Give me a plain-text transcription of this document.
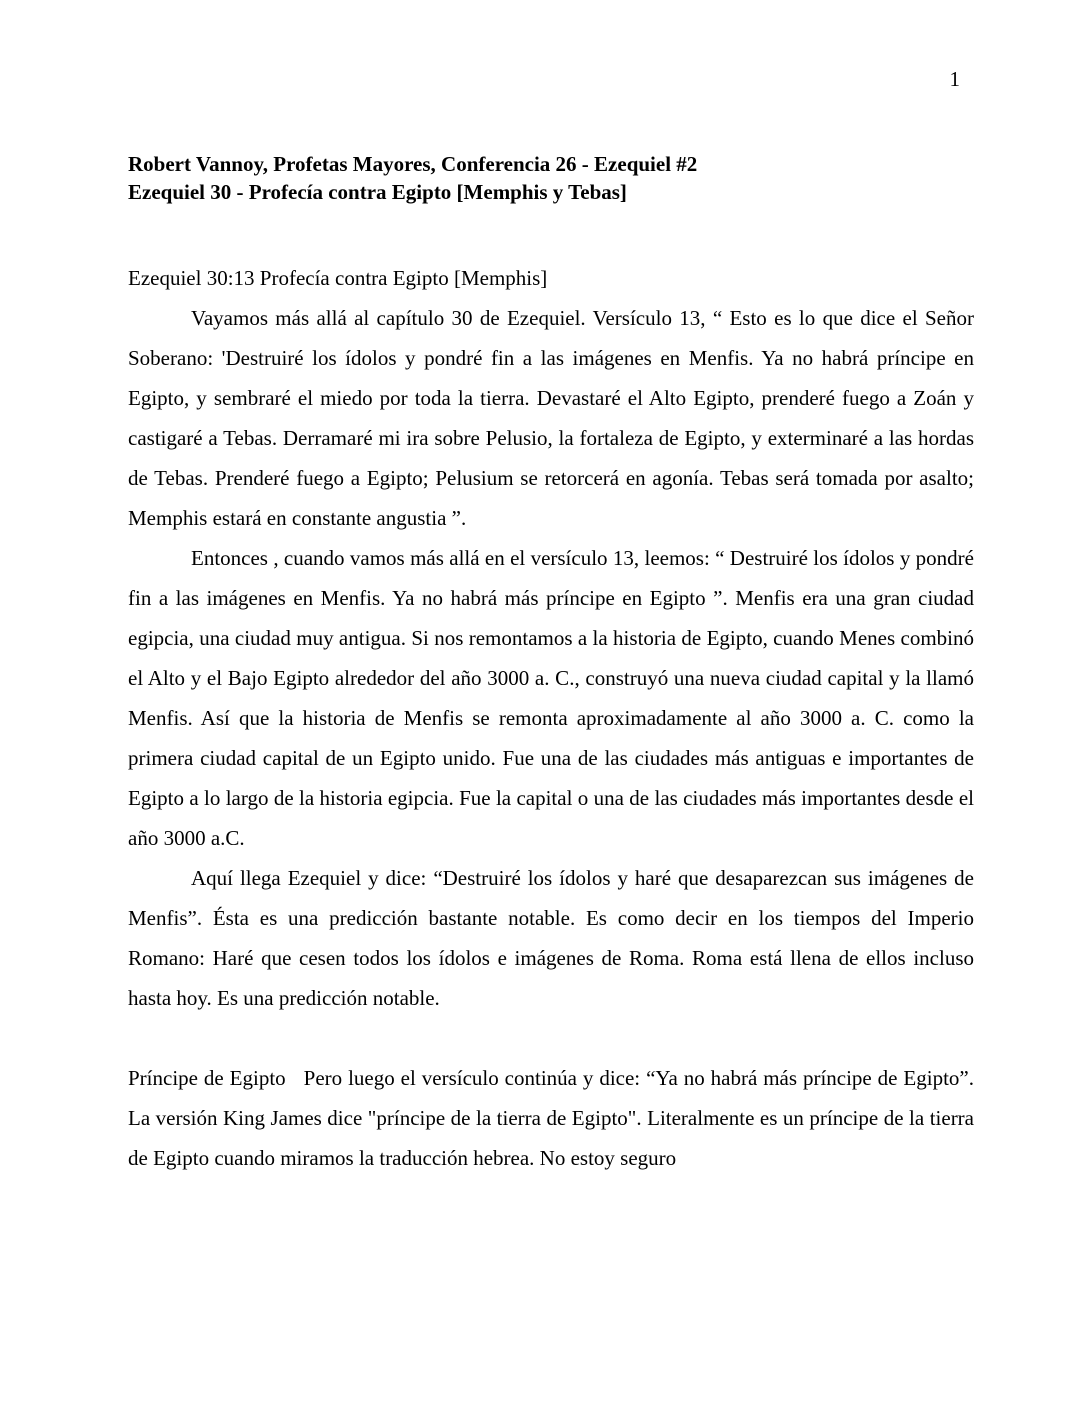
1
Robert Vannoy, Profetas Mayores, Conferencia 26 - Ezequiel #2
Ezequiel 30 - Profecía contra Egipto [Memphis y Tebas]

Ezequiel 30:13 Profecía contra Egipto [Memphis]

Vayamos más allá al capítulo 30 de Ezequiel. Versículo 13, “ Esto es lo que dice el Señor Soberano: 'Destruiré los ídolos y pondré fin a las imágenes en Menfis. Ya no habrá príncipe en Egipto, y sembraré el miedo por toda la tierra. Devastaré el Alto Egipto, prenderé fuego a Zoán y castigaré a Tebas. Derramaré mi ira sobre Pelusio, la fortaleza de Egipto, y exterminaré a las hordas de Tebas. Prenderé fuego a Egipto; Pelusium se retorcerá en agonía. Tebas será tomada por asalto; Memphis estará en constante angustia ”.

Entonces , cuando vamos más allá en el versículo 13, leemos: “ Destruiré los ídolos y pondré fin a las imágenes en Menfis. Ya no habrá más príncipe en Egipto ”. Menfis era una gran ciudad egipcia, una ciudad muy antigua. Si nos remontamos a la historia de Egipto, cuando Menes combinó el Alto y el Bajo Egipto alrededor del año 3000 a. C., construyó una nueva ciudad capital y la llamó Menfis. Así que la historia de Menfis se remonta aproximadamente al año 3000 a. C. como la primera ciudad capital de un Egipto unido. Fue una de las ciudades más antiguas e importantes de Egipto a lo largo de la historia egipcia. Fue la capital o una de las ciudades más importantes desde el año 3000 a.C.

Aquí llega Ezequiel y dice: “Destruiré los ídolos y haré que desaparezcan sus imágenes de Menfis”. Ésta es una predicción bastante notable. Es como decir en los tiempos del Imperio Romano: Haré que cesen todos los ídolos e imágenes de Roma. Roma está llena de ellos incluso hasta hoy. Es una predicción notable.

Príncipe de Egipto Pero luego el versículo continúa y dice: “Ya no habrá más príncipe de Egipto”. La versión King James dice "príncipe de la tierra de Egipto". Literalmente es un príncipe de la tierra de Egipto cuando miramos la traducción hebrea. No estoy seguro
